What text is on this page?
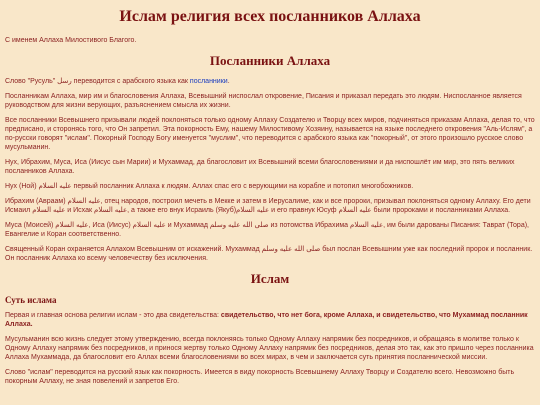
Ислам религия всех посланников Аллаха

С именем Аллаха Милостивого Благого.

Посланники Аллаха

Слово "Русуль" رسل переводится с арабского языка как посланники.

Посланникам Аллаха, мир им и благословения Аллаха, Всевышний ниспослал откровение, Писания и приказал передать это людям. Ниспосланное является руководством для жизни верующих, разъяснением смысла их жизни.

Все посланники Всевышнего призывали людей поклоняться только одному Аллаху Создателю и Творцу всех миров, подчиняться приказам Аллаха, делая то, что предписано, и сторонясь того, что Он запретил. Эта покорность Ему, нашему Милостивому Хозяину, называется на языке последнего откровения "Аль-Ислям", а по-русски говорят "ислам". Покорный Господу Богу именуется "муслим", что переводится с арабского языка как "покорный", от этого произошло русское слово мусульманин.

Нух, Ибрахим, Муса, Иса (Иисус сын Марии) и Мухаммад, да благословит их Всевышний всеми благословениями и да ниспошлёт им мир, это пять великих посланников Аллаха.

Нух (Ной) عليه السلام первый посланник Аллаха к людям. Аллах спас его с верующими на корабле и потопил многобожников.

Ибрахим (Авраам) عليه السلام, отец народов, построил мечеть в Мекке и затем в Иерусалиме, как и все пророки, призывал поклоняться одному Аллаху. Его дети Исмаил عليه السلام и Исхак عليه السلام, а также его внук Исраиль (Якуб)عليه السلام и его правнук Юсуф عليه السلام были пророками и посланниками Аллаха.

Муса (Моисей) عليه السلام, Иса (Иисус) عليه السلام и Мухаммад صلى الله عليه وسلم из потомства Ибрахима عليه السلام, им были дарованы Писания: Таврат (Тора), Евангелие и Коран соответственно.

Священный Коран охраняется Аллахом Всевышним от искажений. Мухаммад صلى الله عليه وسلم был послан Всевышним уже как последний пророк и посланник. Он посланник Аллаха ко всему человечеству без исключения.

Ислам
Суть ислама

Первая и главная основа религии ислам - это два свидетельства: свидетельство, что нет бога, кроме Аллаха, и свидетельство, что Мухаммад посланник Аллаха.

Мусульманин всю жизнь следует этому утверждению, всегда поклоняясь только Одному Аллаху напрямик без посредников, и обращаясь в молитве только к Одному Аллаху напрямик без посредников, и принося жертву только Одному Аллаху напрямик без посредников, делая это так, как это пришло через посланника Аллаха Мухаммада, да благословит его Аллах всеми благословениями во всех мирах, в чем и заключается суть принятия посланнической миссии.

Слово "ислам" переводится на русский язык как покорность. Имеется в виду покорность Всевышнему Аллаху Творцу и Создателю всего. Невозможно быть покорным Аллаху, не зная повелений и запретов Его.
